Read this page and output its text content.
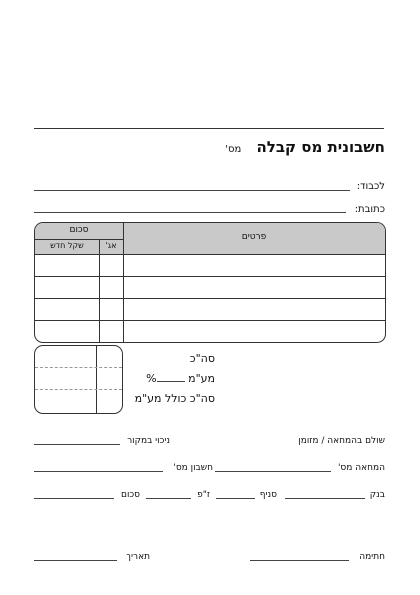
חשבונית מס קבלה מס'
לכבוד:
כתובת:
פרטים
סכום
שקל חדש	אג'
סה"כ
מע"מ %
סה"כ כולל מע"מ
שולם בהמחאה / מזומן
ניכוי במקור
המחאה מס'
חשבון מס'
בנק
סניף
ז"פ
סכום
חתימה
תאריך
